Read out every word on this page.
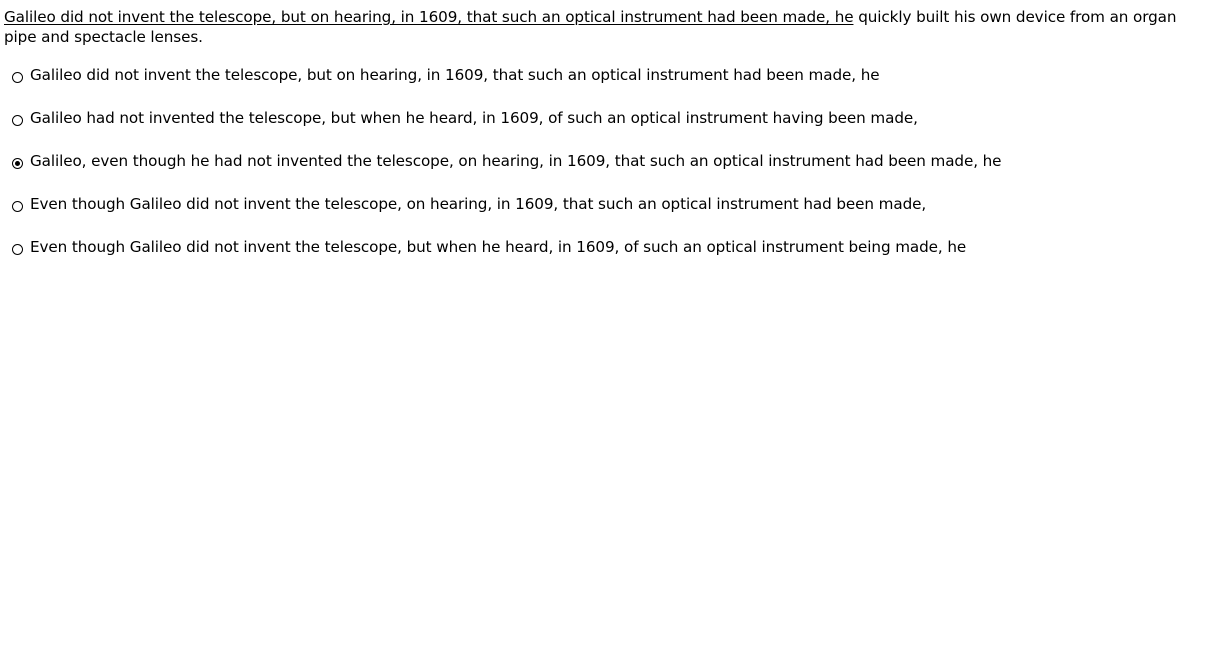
Galileo did not invent the telescope, but on hearing, in 1609, that such an optical instrument had been made, he quickly built his own device from an organ pipe and spectacle lenses.
Galileo did not invent the telescope, but on hearing, in 1609, that such an optical instrument had been made, he
Galileo had not invented the telescope, but when he heard, in 1609, of such an optical instrument having been made,
Galileo, even though he had not invented the telescope, on hearing, in 1609, that such an optical instrument had been made, he
Even though Galileo did not invent the telescope, on hearing, in 1609, that such an optical instrument had been made,
Even though Galileo did not invent the telescope, but when he heard, in 1609, of such an optical instrument being made, he
